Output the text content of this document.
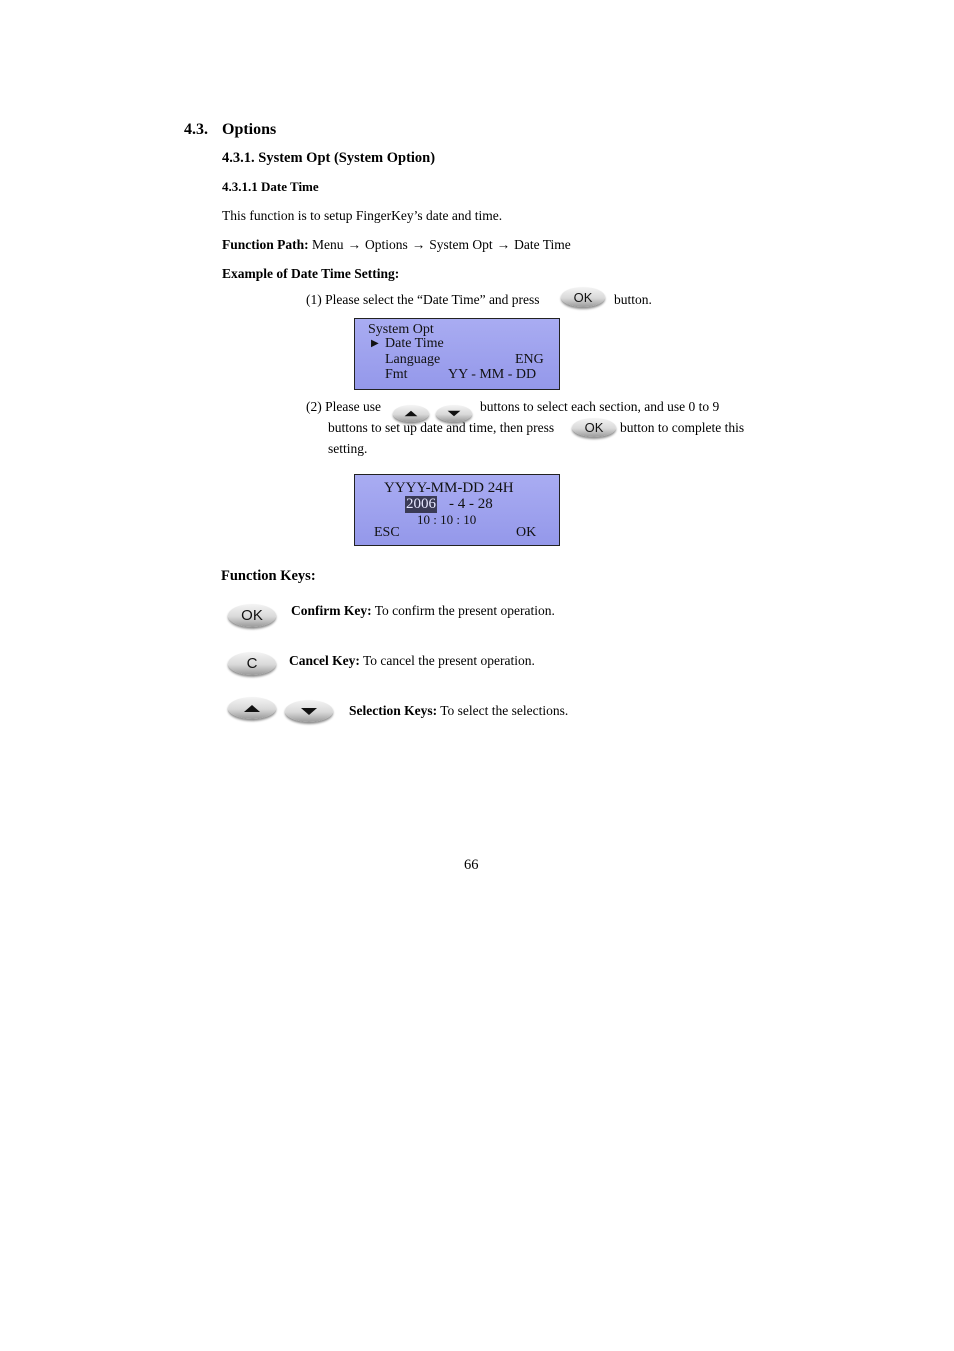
4.3. Options
4.3.1. System Opt (System Option)
4.3.1.1 Date Time
This function is to setup FingerKey’s date and time.
Function Path: Menu → Options → System Opt → Date Time
Example of Date Time Setting:
(1) Please select the “Date Time” and press	OK button.
System Opt
▶ Date Time
Language	ENG
Fmt	YY - MM - DD
(2) Please use	buttons to select each section, and use 0 to 9
buttons to set up date and time, then press OK button to complete this
setting.
YYYY-MM-DD 24H
2006 - 4 - 28
10 : 10 : 10
ESC	OK
Function Keys:
OK Confirm Key: To confirm the present operation.
C Cancel Key: To cancel the present operation.
Selection Keys: To select the selections.
66
